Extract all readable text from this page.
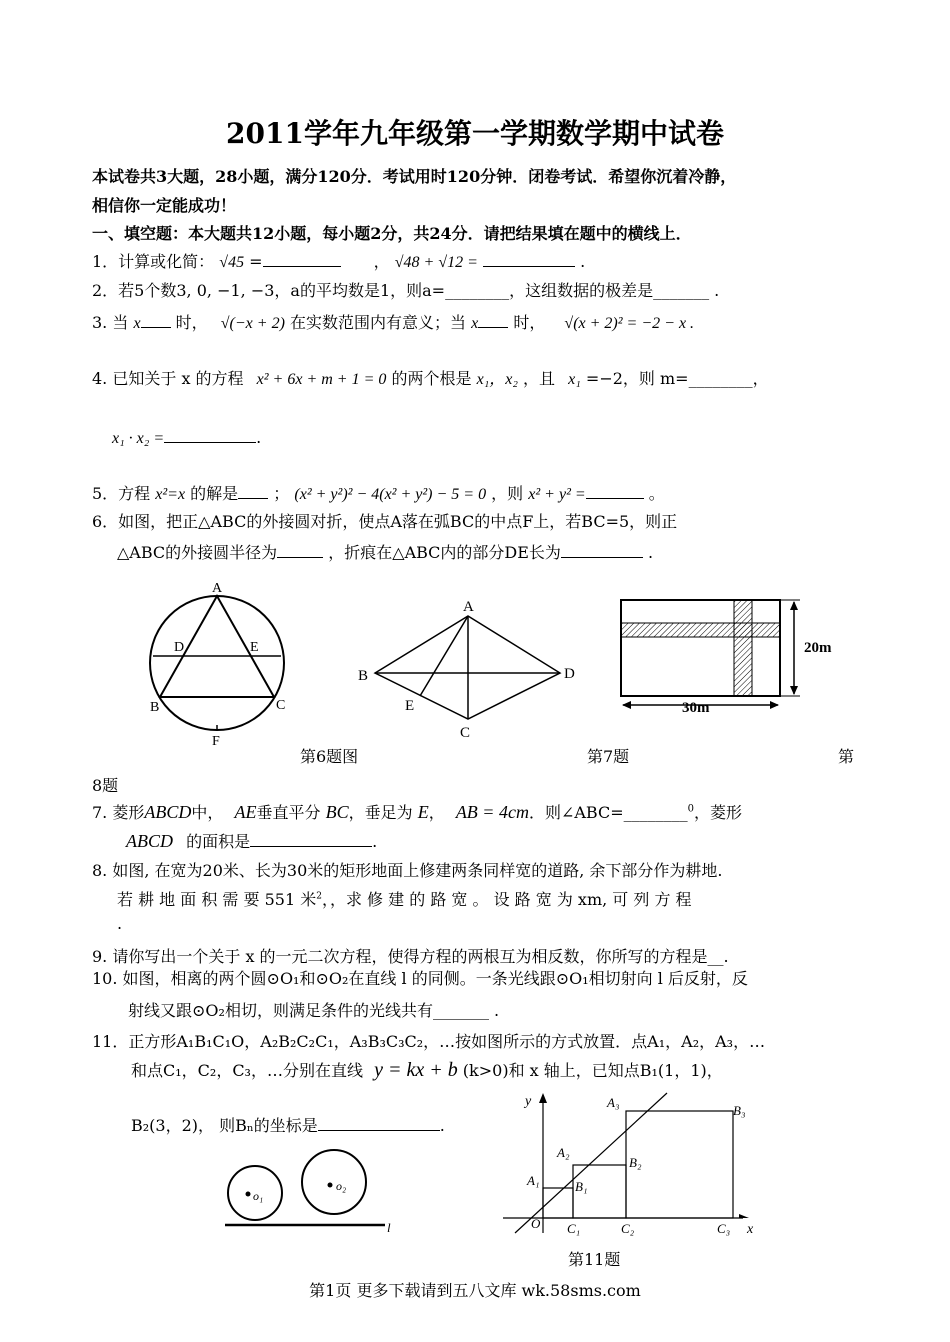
2011学年九年级第一学期数学期中试卷
本试卷共3大题，28小题，满分120分．考试用时120分钟．闭卷考试．希望你沉着冷静，
相信你一定能成功！
一、填空题：本大题共12小题，每小题2分，共24分．请把结果填在题中的横线上．
1．计算或化简： √45 =	， √48 + √12 =	.
2．若5个数3, 0, −1, −3，a的平均数是1，则a=________，这组数据的极差是_______ .
3. 当 x 时， √(−x + 2) 在实数范围内有意义；当 x 时， √(x + 2)² = −2 − x .
4. 已知关于 x 的方程 x² + 6x + m + 1 = 0 的两个根是 x₁，x₂ ，且 x₁ =−2，则 m=________，
x₁ · x₂ =	.
5．方程 x²=x 的解是 ； (x² + y²)² − 4(x² + y²) − 5 = 0 ，则 x² + y² =	。
6．如图，把正△ABC的外接圆对折，使点A落在弧BC的中点F上，若BC=5，则正
△ABC的外接圆半径为	，折痕在△ABC内的部分DE长为	.
A
D	E
B	C
F
A
B	D
E
C
20m
30m
第6题图	第7题	第
8题
7. 菱形ABCD中， AE垂直平分 BC，垂足为 E， AB = 4cm．则∠ABC=________$^0$，菱形
ABCD 的面积是	.
8. 如图, 在宽为20米、长为30米的矩形地面上修建两条同样宽的道路, 余下部分作为耕地.
若 耕 地 面 积 需 要 551 米$^2$，，求 修 建 的 路 宽 。 设 路 宽 为 xm, 可 列 方 程
.
9. 请你写出一个关于 x 的一元二次方程，使得方程的两根互为相反数，你所写的方程是__.
10. 如图，相离的两个圆⊙O₁和⊙O₂在直线 l 的同侧。一条光线跟⊙O₁相切射向 l 后反射，反
射线又跟⊙O₂相切，则满足条件的光线共有_______ .
11．正方形A₁B₁C₁O，A₂B₂C₂C₁，A₃B₃C₃C₂，…按如图所示的方式放置．点A₁，A₂，A₃，…
和点C₁，C₂，C₃，…分别在直线 y = kx + b (k>0)和 x 轴上，已知点B₁(1，1)，
B₂(3，2)， 则Bₙ的坐标是	.
o₁
o₂
l
y
x
O
A₁
A₂
A₃
B₁
B₂
B₃
C₁	C₂	C₃
第11题
第1页 更多下载请到五八文库 wk.58sms.com
